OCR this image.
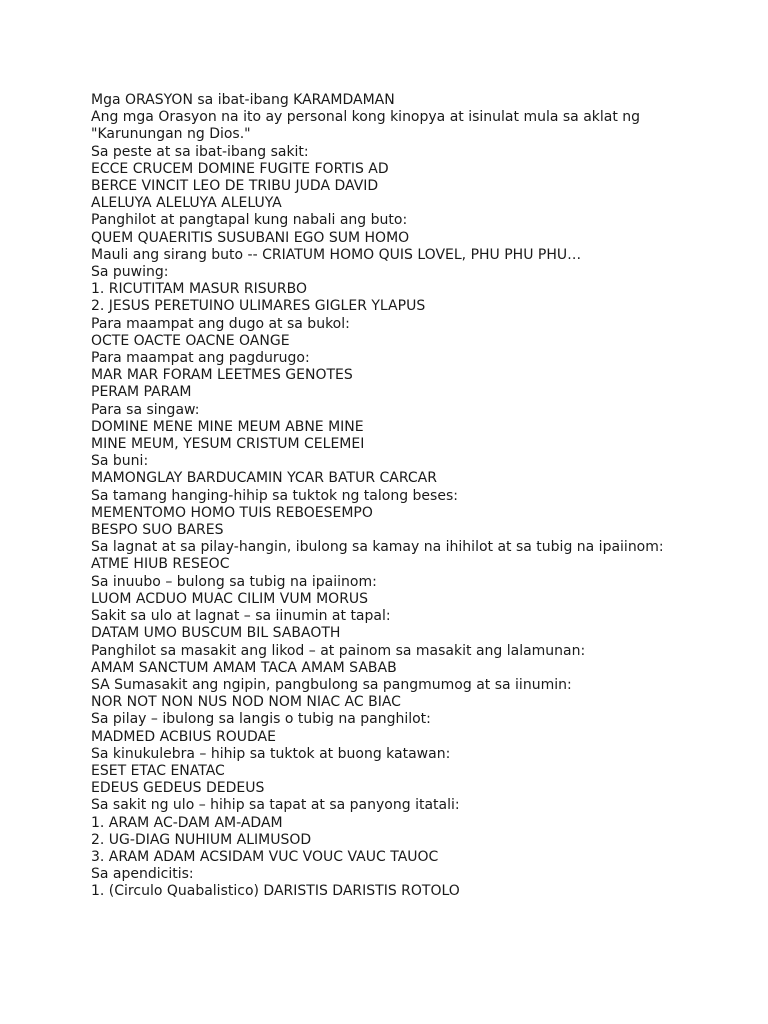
Mga ORASYON sa ibat-ibang KARAMDAMAN
Ang mga Orasyon na ito ay personal kong kinopya at isinulat mula sa aklat ng "Karunungan ng Dios."
Sa peste at sa ibat-ibang sakit:
ECCE CRUCEM DOMINE FUGITE FORTIS AD
BERCE VINCIT LEO DE TRIBU JUDA DAVID
ALELUYA ALELUYA ALELUYA
Panghilot at pangtapal kung nabali ang buto:
QUEM QUAERITIS SUSUBANI EGO SUM HOMO
Mauli ang sirang buto -- CRIATUM HOMO QUIS LOVEL, PHU PHU PHU…
Sa puwing:
1. RICUTITAM MASUR RISURBO
2. JESUS PERETUINO ULIMARES GIGLER YLAPUS
Para maampat ang dugo at sa bukol:
OCTE OACTE OACNE OANGE
Para maampat ang pagdurugo:
MAR MAR FORAM LEETMES GENOTES
PERAM PARAM
Para sa singaw:
DOMINE MENE MINE MEUM ABNE MINE
MINE MEUM, YESUM CRISTUM CELEMEI
Sa buni:
MAMONGLAY BARDUCAMIN YCAR BATUR CARCAR
Sa tamang hanging-hihip sa tuktok ng talong beses:
MEMENTOMO HOMO TUIS REBOESEMPO
BESPO SUO BARES
Sa lagnat at sa pilay-hangin, ibulong sa kamay na ihihilot at sa tubig na ipaiinom:
ATME HIUB RESEOC
Sa inuubo – bulong sa tubig na ipaiinom:
LUOM ACDUO MUAC CILIM VUM MORUS
Sakit sa ulo at lagnat – sa iinumin at tapal:
DATAM UMO BUSCUM BIL SABAOTH
Panghilot sa masakit ang likod – at painom sa masakit ang lalamunan:
AMAM SANCTUM AMAM TACA AMAM SABAB
SA Sumasakit ang ngipin, pangbulong sa pangmumog at sa iinumin:
NOR NOT NON NUS NOD NOM NIAC AC BIAC
Sa pilay – ibulong sa langis o tubig na panghilot:
MADMED ACBIUS ROUDAE
Sa kinukulebra – hihip sa tuktok at buong katawan:
ESET ETAC ENATAC
EDEUS GEDEUS DEDEUS
Sa sakit ng ulo – hihip sa tapat at sa panyong itatali:
1. ARAM AC-DAM AM-ADAM
2. UG-DIAG NUHIUM ALIMUSOD
3. ARAM ADAM ACSIDAM VUC VOUC VAUC TAUOC
Sa apendicitis:
1. (Circulo Quabalistico) DARISTIS DARISTIS ROTOLO
